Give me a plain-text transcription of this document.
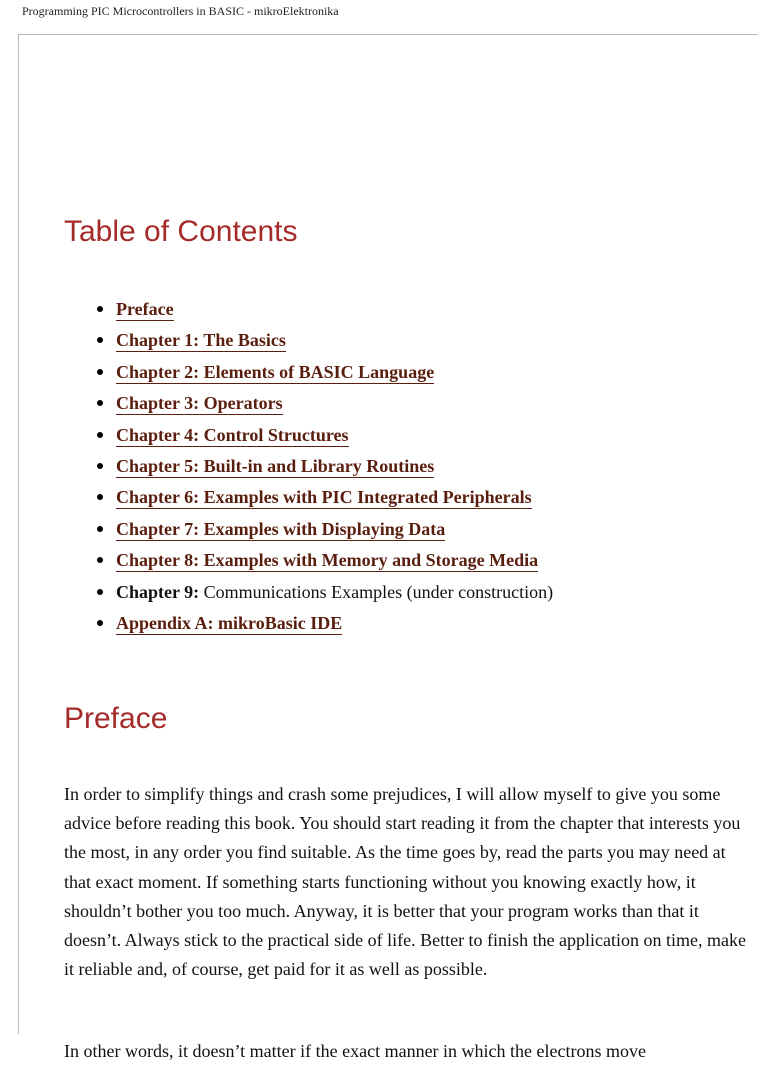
Programming PIC Microcontrollers in BASIC - mikroElektronika
Table of Contents
Preface
Chapter 1: The Basics
Chapter 2: Elements of BASIC Language
Chapter 3: Operators
Chapter 4: Control Structures
Chapter 5: Built-in and Library Routines
Chapter 6: Examples with PIC Integrated Peripherals
Chapter 7: Examples with Displaying Data
Chapter 8: Examples with Memory and Storage Media
Chapter 9: Communications Examples (under construction)
Appendix A: mikroBasic IDE
Preface

In order to simplify things and crash some prejudices, I will allow myself to give you some advice before reading this book. You should start reading it from the chapter that interests you the most, in any order you find suitable. As the time goes by, read the parts you may need at that exact moment. If something starts functioning without you knowing exactly how, it shouldn’t bother you too much. Anyway, it is better that your program works than that it doesn’t. Always stick to the practical side of life. Better to finish the application on time, make it reliable and, of course, get paid for it as well as possible.

In other words, it doesn’t matter if the exact manner in which the electrons move
